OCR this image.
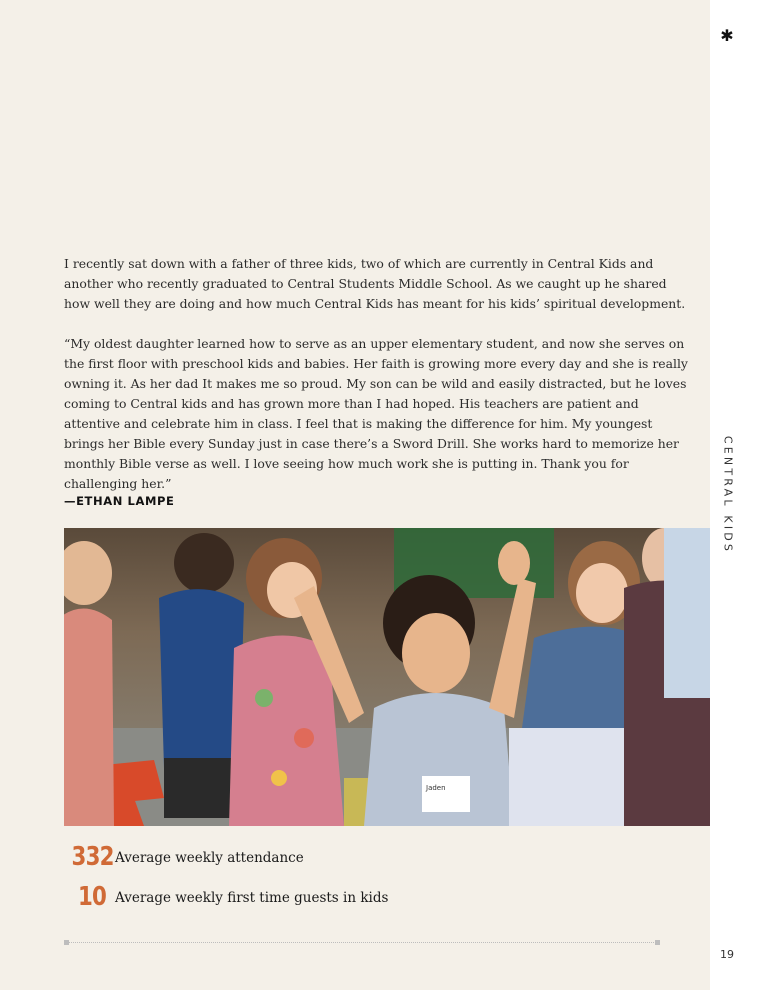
✱
CENTRAL KIDS
19

I recently sat down with a father of three kids, two of which are currently in Central Kids and another who recently graduated to Central Students Middle School. As we caught up he shared how well they are doing and how much Central Kids has meant for his kids’ spiritual development.

“My oldest daughter learned how to serve as an upper elementary student, and now she serves on the first floor with preschool kids and babies. Her faith is growing more every day and she is really owning it. As her dad It makes me so proud. My son can be wild and easily distracted, but he loves coming to Central kids and has grown more than I had hoped. His teachers are patient and attentive and celebrate him in class. I feel that is making the difference for him. My youngest brings her Bible every Sunday just in case there’s a Sword Drill. She works hard to memorize her monthly Bible verse as well. I love seeing how much work she is putting in. Thank you for challenging her.”

—ETHAN LAMPE
Jaden
332 Average weekly attendance
10 Average weekly first time guests in kids
